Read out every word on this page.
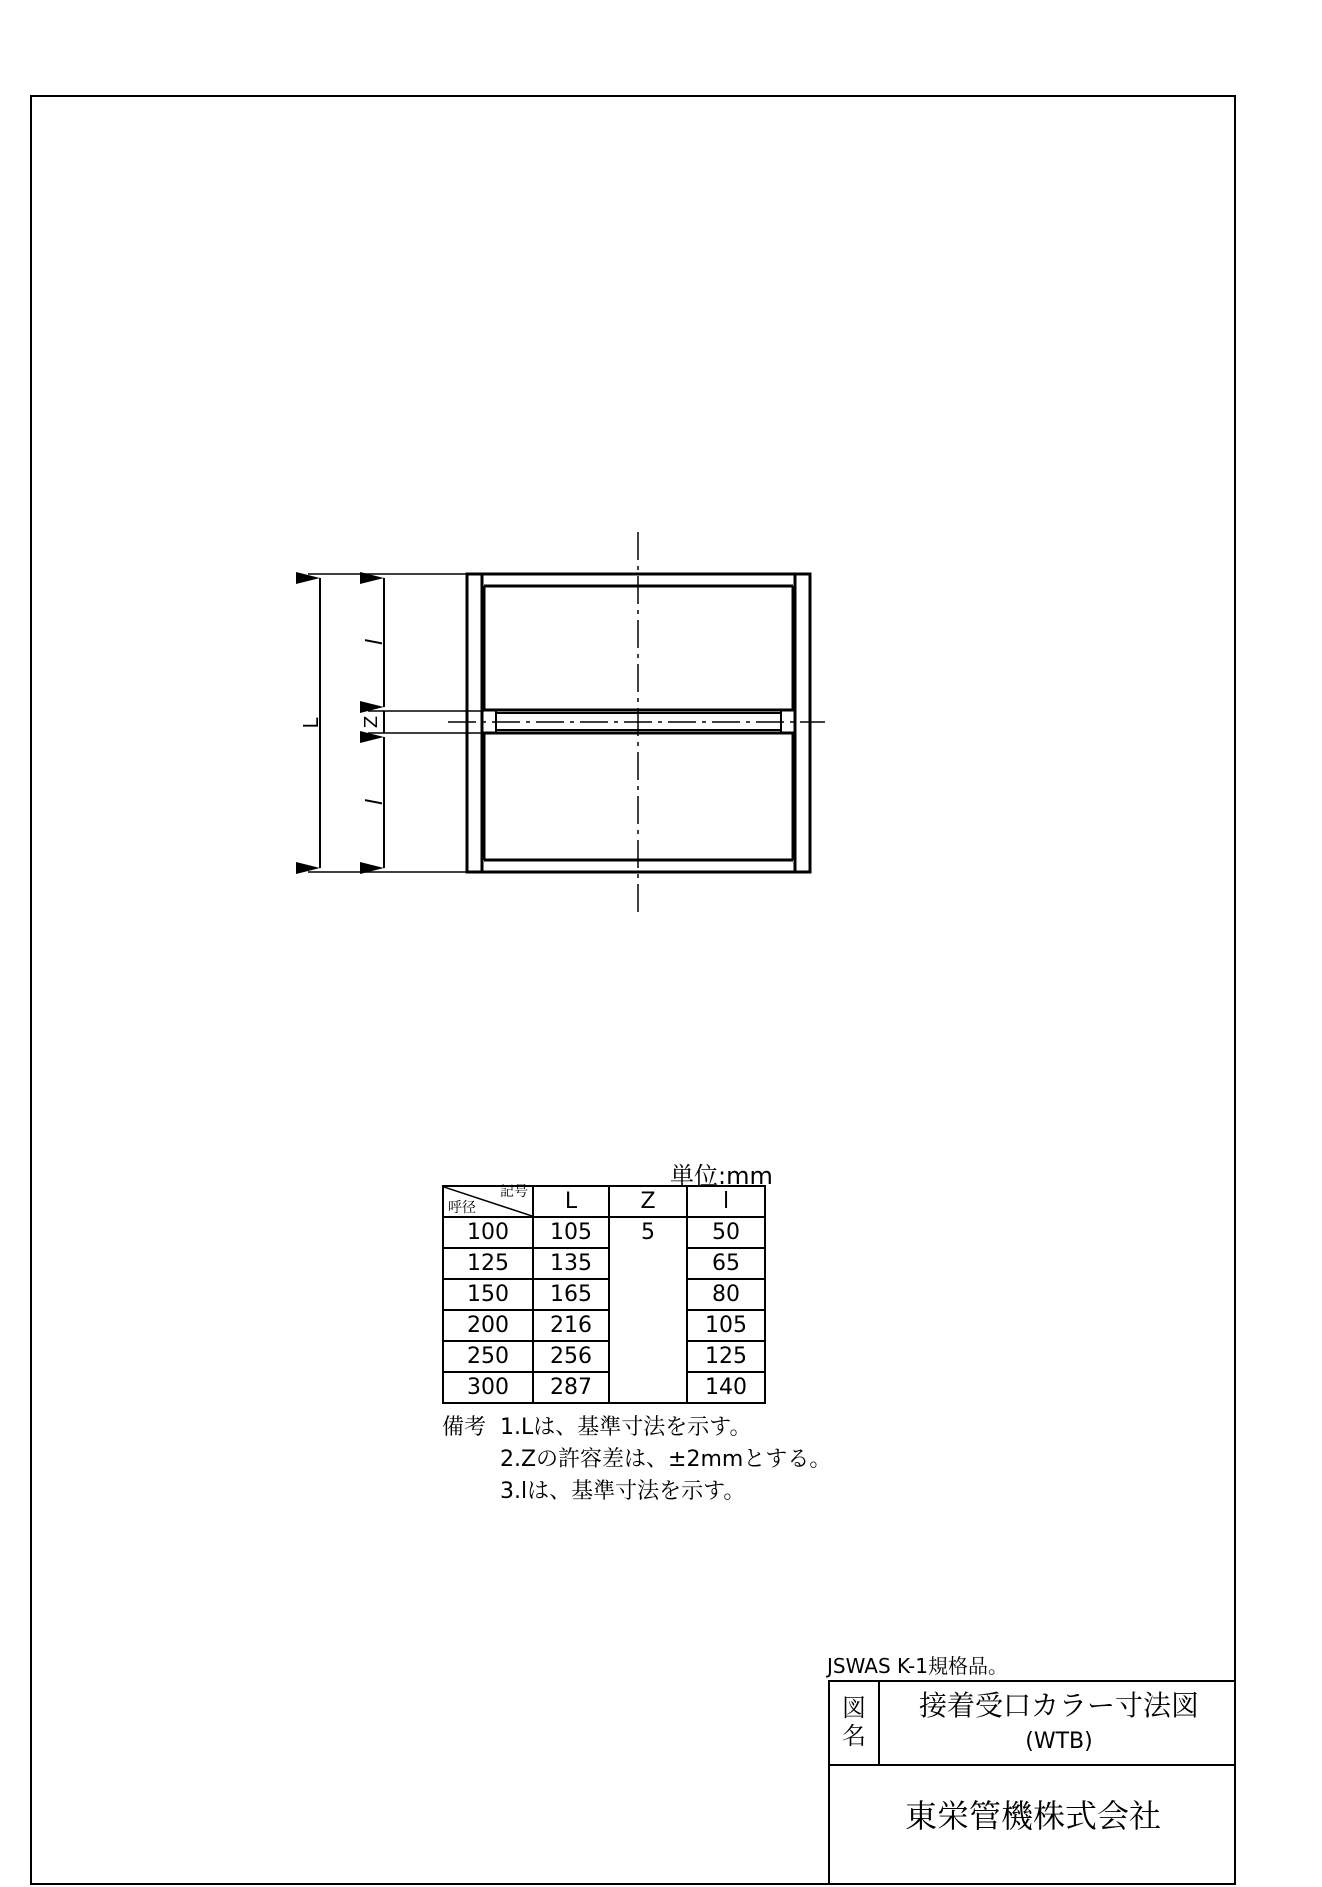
L
l
Z
l
単位:mm
記号
呼径	L	Z	l
100	105	5	50
125	135		65
150	165		80
200	216		105
250	256		125
300	287		140
備考 1.Lは、基準寸法を示す。
2.Zの許容差は、±2mmとする。
3.lは、基準寸法を示す。
JSWAS K-1規格品。
図
名
接着受口カラー寸法図
(WTB)
東栄管機株式会社
